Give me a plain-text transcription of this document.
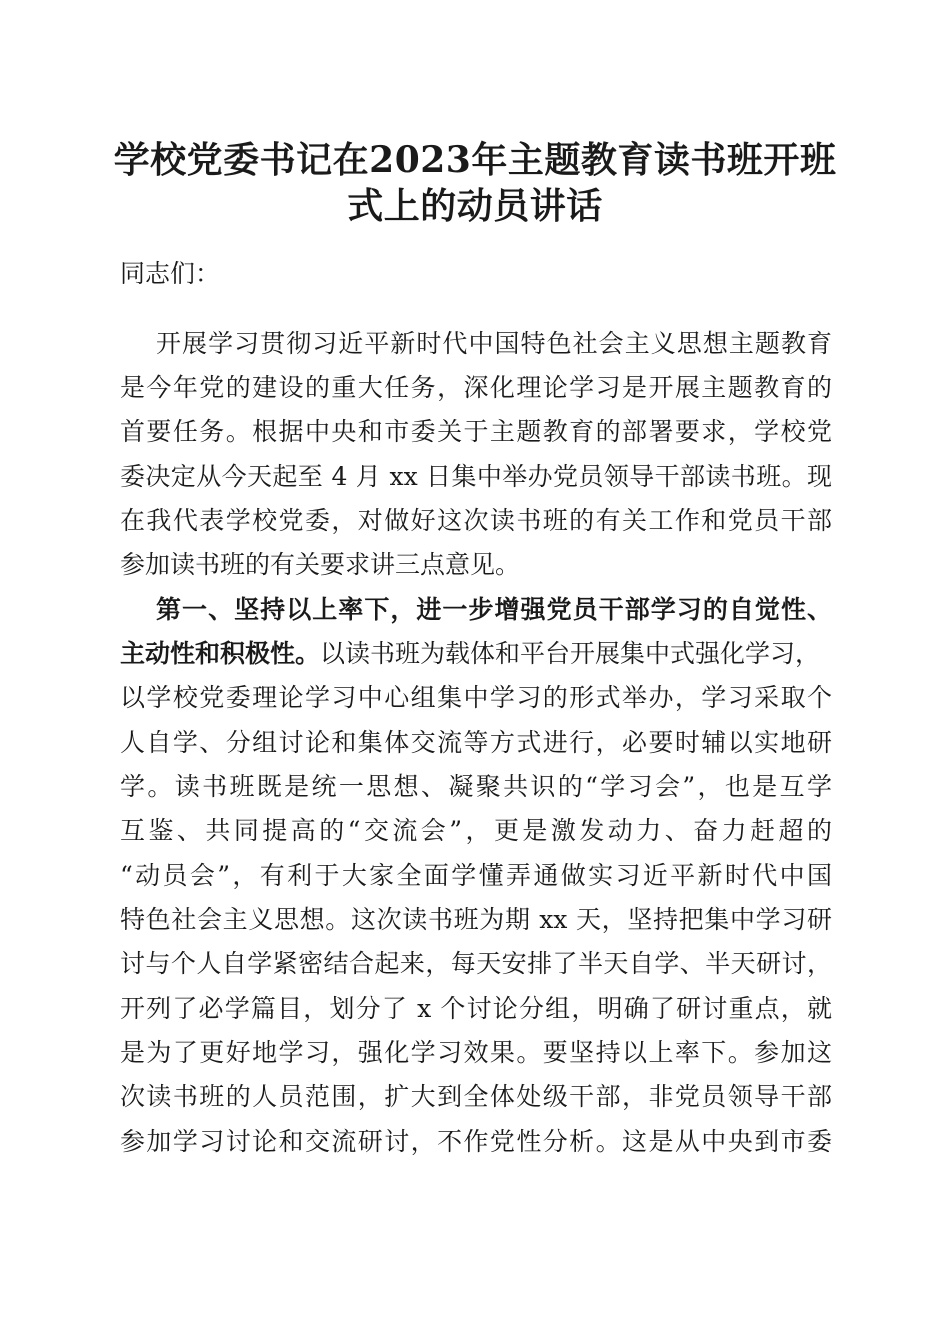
学校党委书记在2023年主题教育读书班开班
式上的动员讲话
同志们：
开展学习贯彻习近平新时代中国特色社会主义思想主题教育
是今年党的建设的重大任务，深化理论学习是开展主题教育的
首要任务。根据中央和市委关于主题教育的部署要求，学校党
委决定从今天起至 4 月 xx 日集中举办党员领导干部读书班。现
在我代表学校党委，对做好这次读书班的有关工作和党员干部
参加读书班的有关要求讲三点意见。
第一、坚持以上率下，进一步增强党员干部学习的自觉性、
主动性和积极性。以读书班为载体和平台开展集中式强化学习，
以学校党委理论学习中心组集中学习的形式举办，学习采取个
人自学、分组讨论和集体交流等方式进行，必要时辅以实地研
学。读书班既是统一思想、凝聚共识的“学习会”，也是互学
互鉴、共同提高的“交流会”，更是激发动力、奋力赶超的
“动员会”，有利于大家全面学懂弄通做实习近平新时代中国
特色社会主义思想。这次读书班为期 xx 天，坚持把集中学习研
讨与个人自学紧密结合起来，每天安排了半天自学、半天研讨，
开列了必学篇目，划分了 x 个讨论分组，明确了研讨重点，就
是为了更好地学习，强化学习效果。要坚持以上率下。参加这
次读书班的人员范围，扩大到全体处级干部，非党员领导干部
参加学习讨论和交流研讨，不作党性分析。这是从中央到市委
